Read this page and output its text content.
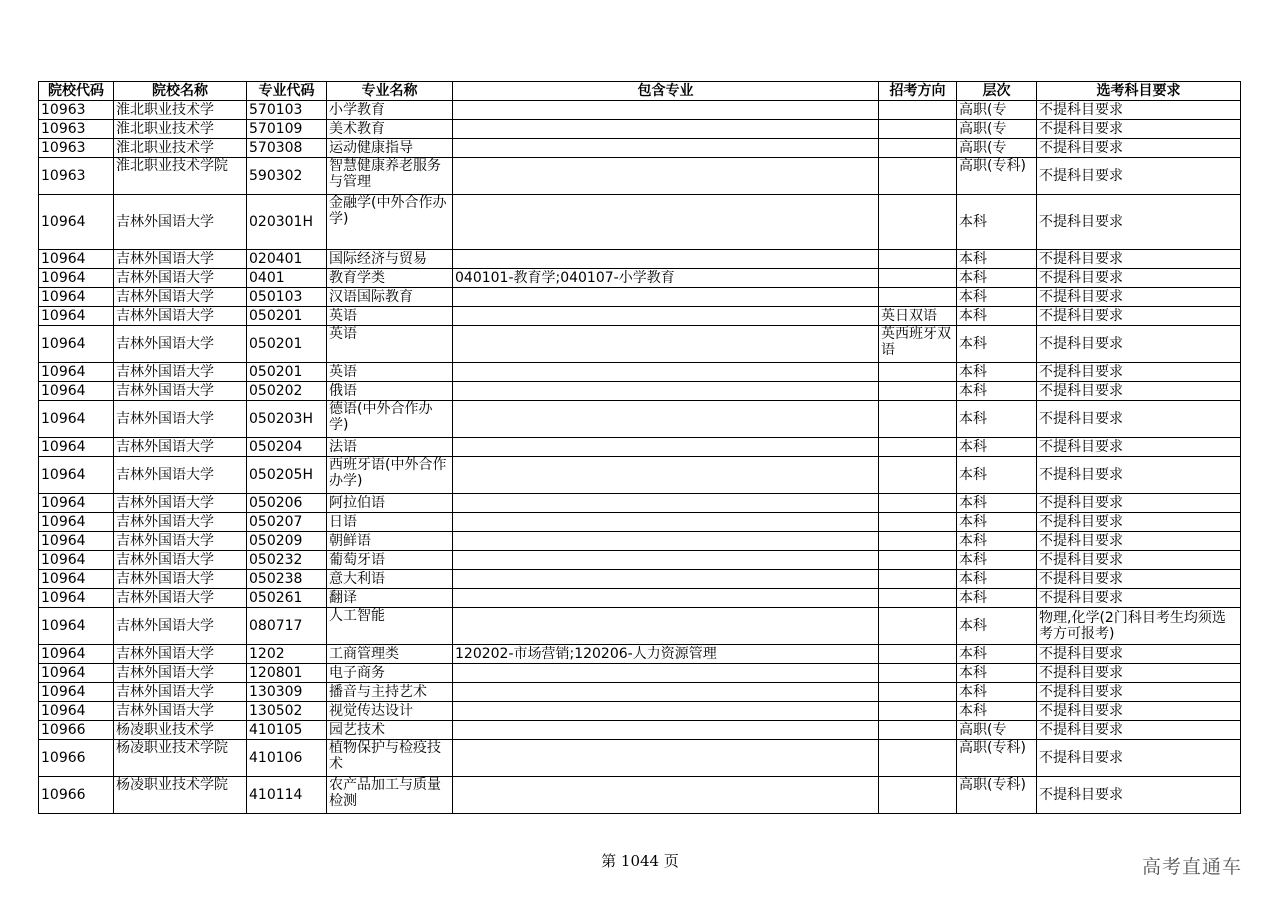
院校代码	院校名称	专业代码	专业名称	包含专业	招考方向	层次	选考科目要求
10963	淮北职业技术学	570103	小学教育			高职(专	不提科目要求
10963	淮北职业技术学	570109	美术教育			高职(专	不提科目要求
10963	淮北职业技术学	570308	运动健康指导			高职(专	不提科目要求
10963	淮北职业技术学院	590302	智慧健康养老服务与管理			高职(专科)	不提科目要求
10964	吉林外国语大学	020301H	金融学(中外合作办学)			本科	不提科目要求
10964	吉林外国语大学	020401	国际经济与贸易			本科	不提科目要求
10964	吉林外国语大学	0401	教育学类	040101-教育学;040107-小学教育		本科	不提科目要求
10964	吉林外国语大学	050103	汉语国际教育			本科	不提科目要求
10964	吉林外国语大学	050201	英语		英日双语	本科	不提科目要求
10964	吉林外国语大学	050201	英语		英西班牙双语	本科	不提科目要求
10964	吉林外国语大学	050201	英语			本科	不提科目要求
10964	吉林外国语大学	050202	俄语			本科	不提科目要求
10964	吉林外国语大学	050203H	德语(中外合作办学)			本科	不提科目要求
10964	吉林外国语大学	050204	法语			本科	不提科目要求
10964	吉林外国语大学	050205H	西班牙语(中外合作办学)			本科	不提科目要求
10964	吉林外国语大学	050206	阿拉伯语			本科	不提科目要求
10964	吉林外国语大学	050207	日语			本科	不提科目要求
10964	吉林外国语大学	050209	朝鲜语			本科	不提科目要求
10964	吉林外国语大学	050232	葡萄牙语			本科	不提科目要求
10964	吉林外国语大学	050238	意大利语			本科	不提科目要求
10964	吉林外国语大学	050261	翻译			本科	不提科目要求
10964	吉林外国语大学	080717	人工智能			本科	物理,化学(2门科目考生均须选考方可报考)
10964	吉林外国语大学	1202	工商管理类	120202-市场营销;120206-人力资源管理		本科	不提科目要求
10964	吉林外国语大学	120801	电子商务			本科	不提科目要求
10964	吉林外国语大学	130309	播音与主持艺术			本科	不提科目要求
10964	吉林外国语大学	130502	视觉传达设计			本科	不提科目要求
10966	杨凌职业技术学	410105	园艺技术			高职(专	不提科目要求
10966	杨凌职业技术学院	410106	植物保护与检疫技术			高职(专科)	不提科目要求
10966	杨凌职业技术学院	410114	农产品加工与质量检测			高职(专科)	不提科目要求
第 1044 页	高考直通车
